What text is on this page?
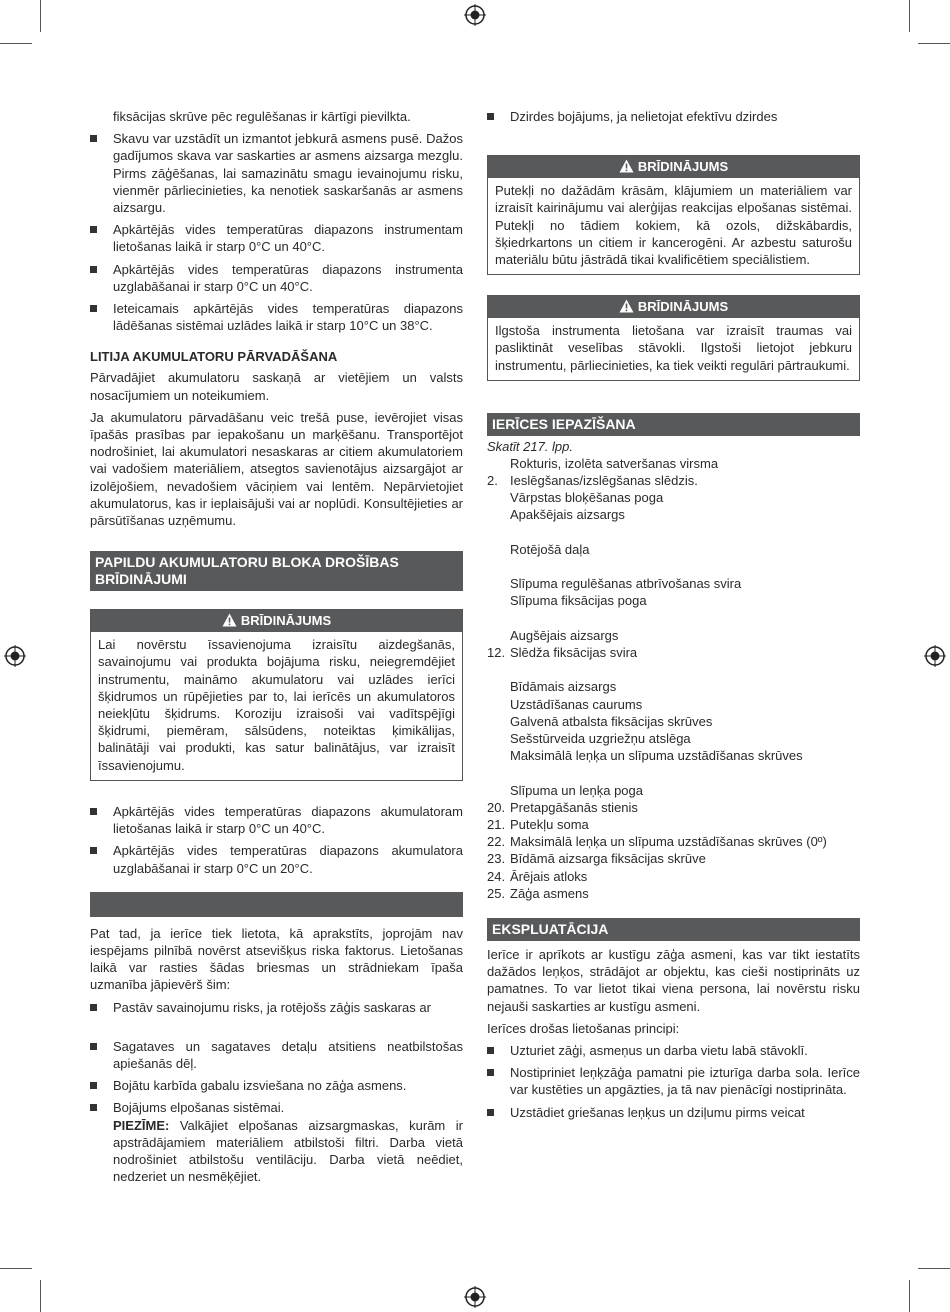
fiksācijas skrūve pēc regulēšanas ir kārtīgi pievilkta.

Skavu var uzstādīt un izmantot jebkurā asmens pusē. Dažos gadījumos skava var saskarties ar asmens aizsarga mezglu. Pirms zāģēšanas, lai samazinātu smagu ievainojumu risku, vienmēr pārliecinieties, ka nenotiek saskaršanās ar asmens aizsargu.
Apkārtējās vides temperatūras diapazons instrumentam lietošanas laikā ir starp 0°C un 40°C.
Apkārtējās vides temperatūras diapazons instrumenta uzglabāšanai ir starp 0°C un 40°C.
Ieteicamais apkārtējās vides temperatūras diapazons lādēšanas sistēmai uzlādes laikā ir starp 10°C un 38°C.
LITIJA AKUMULATORU PĀRVADĀŠANA

Pārvadājiet akumulatoru saskaņā ar vietējiem un valsts nosacījumiem un noteikumiem.

Ja akumulatoru pārvadāšanu veic trešā puse, ievērojiet visas īpašās prasības par iepakošanu un marķēšanu. Transportējot nodrošiniet, lai akumulatori nesaskaras ar citiem akumulatoriem vai vadošiem materiāliem, atsegtos savienotājus aizsargājot ar izolējošiem, nevadošiem vāciņiem vai lentēm. Nepārvietojiet akumulatorus, kas ir ieplaisājuši vai ar noplūdi. Konsultējieties ar pārsūtīšanas uzņēmumu.

PAPILDU AKUMULATORU BLOKA DROŠĪBAS BRĪDINĀJUMI
BRĪDINĀJUMS

Lai novērstu īssavienojuma izraisītu aizdegšanās, savainojumu vai produkta bojājuma risku, neiegremdējiet instrumentu, maināmo akumulatoru vai uzlādes ierīci šķidrumos un rūpējieties par to, lai ierīcēs un akumulatoros neiekļūtu šķidrums. Koroziju izraisoši vai vadītspējīgi šķidrumi, piemēram, sālsūdens, noteiktas ķimikālijas, balinātāji vai produkti, kas satur balinātājus, var izraisīt īssavienojumu.

Apkārtējās vides temperatūras diapazons akumulatoram lietošanas laikā ir starp 0°C un 40°C.
Apkārtējās vides temperatūras diapazons akumulatora uzglabāšanai ir starp 0°C un 20°C.

Pat tad, ja ierīce tiek lietota, kā aprakstīts, joprojām nav iespējams pilnībā novērst atsevišķus riska faktorus. Lietošanas laikā var rasties šādas briesmas un strādniekam īpaša uzmanība jāpievērš šim:

Pastāv savainojumu risks, ja rotējošs zāģis saskaras ar
Sagataves un sagataves detaļu atsitiens neatbilstošas apiešanās dēļ.
Bojātu karbīda gabalu izsviešana no zāģa asmens.
Bojājums elpošanas sistēmai.
PIEZĪME: Valkājiet elpošanas aizsargmaskas, kurām ir apstrādājamiem materiāliem atbilstoši filtri. Darba vietā nodrošiniet atbilstošu ventilāciju. Darba vietā neēdiet, nedzeriet un nesmēķējiet.
Dzirdes bojājums, ja nelietojat efektīvu dzirdes
BRĪDINĀJUMS

Putekļi no dažādām krāsām, klājumiem un materiāliem var izraisīt kairinājumu vai alerģijas reakcijas elpošanas sistēmai. Putekļi no tādiem kokiem, kā ozols, dižskābardis, šķiedrkartons un citiem ir kancerogēni. Ar azbestu saturošu materiālu būtu jāstrādā tikai kvalificētiem speciālistiem.

BRĪDINĀJUMS

Ilgstoša instrumenta lietošana var izraisīt traumas vai pasliktināt veselības stāvokli. Ilgstoši lietojot jebkuru instrumentu, pārliecinieties, ka tiek veikti regulāri pārtraukumi.

IERĪCES IEPAZĪŠANA
Skatīt 217. lpp.
Rokturis, izolēta satveršanas virsma
2. Ieslēgšanas/izslēgšanas slēdzis.
Vārpstas bloķēšanas poga
Apakšējais aizsargs
Rotējošā daļa
Slīpuma regulēšanas atbrīvošanas svira
Slīpuma fiksācijas poga
Augšējais aizsargs
12. Slēdža fiksācijas svira
Bīdāmais aizsargs
Uzstādīšanas caurums
Galvenā atbalsta fiksācijas skrūves
Sešstūrveida uzgriežņu atslēga
Maksimālā leņķa un slīpuma uzstādīšanas skrūves
Slīpuma un leņķa poga
20. Pretapgāšanās stienis
21. Putekļu soma
22. Maksimālā leņķa un slīpuma uzstādīšanas skrūves (0º)
23. Bīdāmā aizsarga fiksācijas skrūve
24. Ārējais atloks
25. Zāģa asmens
EKSPLUATĀCIJA

Ierīce ir aprīkots ar kustīgu zāģa asmeni, kas var tikt iestatīts dažādos leņķos, strādājot ar objektu, kas cieši nostiprināts uz pamatnes. To var lietot tikai viena persona, lai novērstu risku nejauši saskarties ar kustīgu asmeni.

Ierīces drošas lietošanas principi:

Uzturiet zāģi, asmeņus un darba vietu labā stāvoklī.
Nostipriniet leņķzāģa pamatni pie izturīga darba sola. Ierīce var kustēties un apgāzties, ja tā nav pienācīgi nostiprināta.
Uzstādiet griešanas leņķus un dziļumu pirms veicat
